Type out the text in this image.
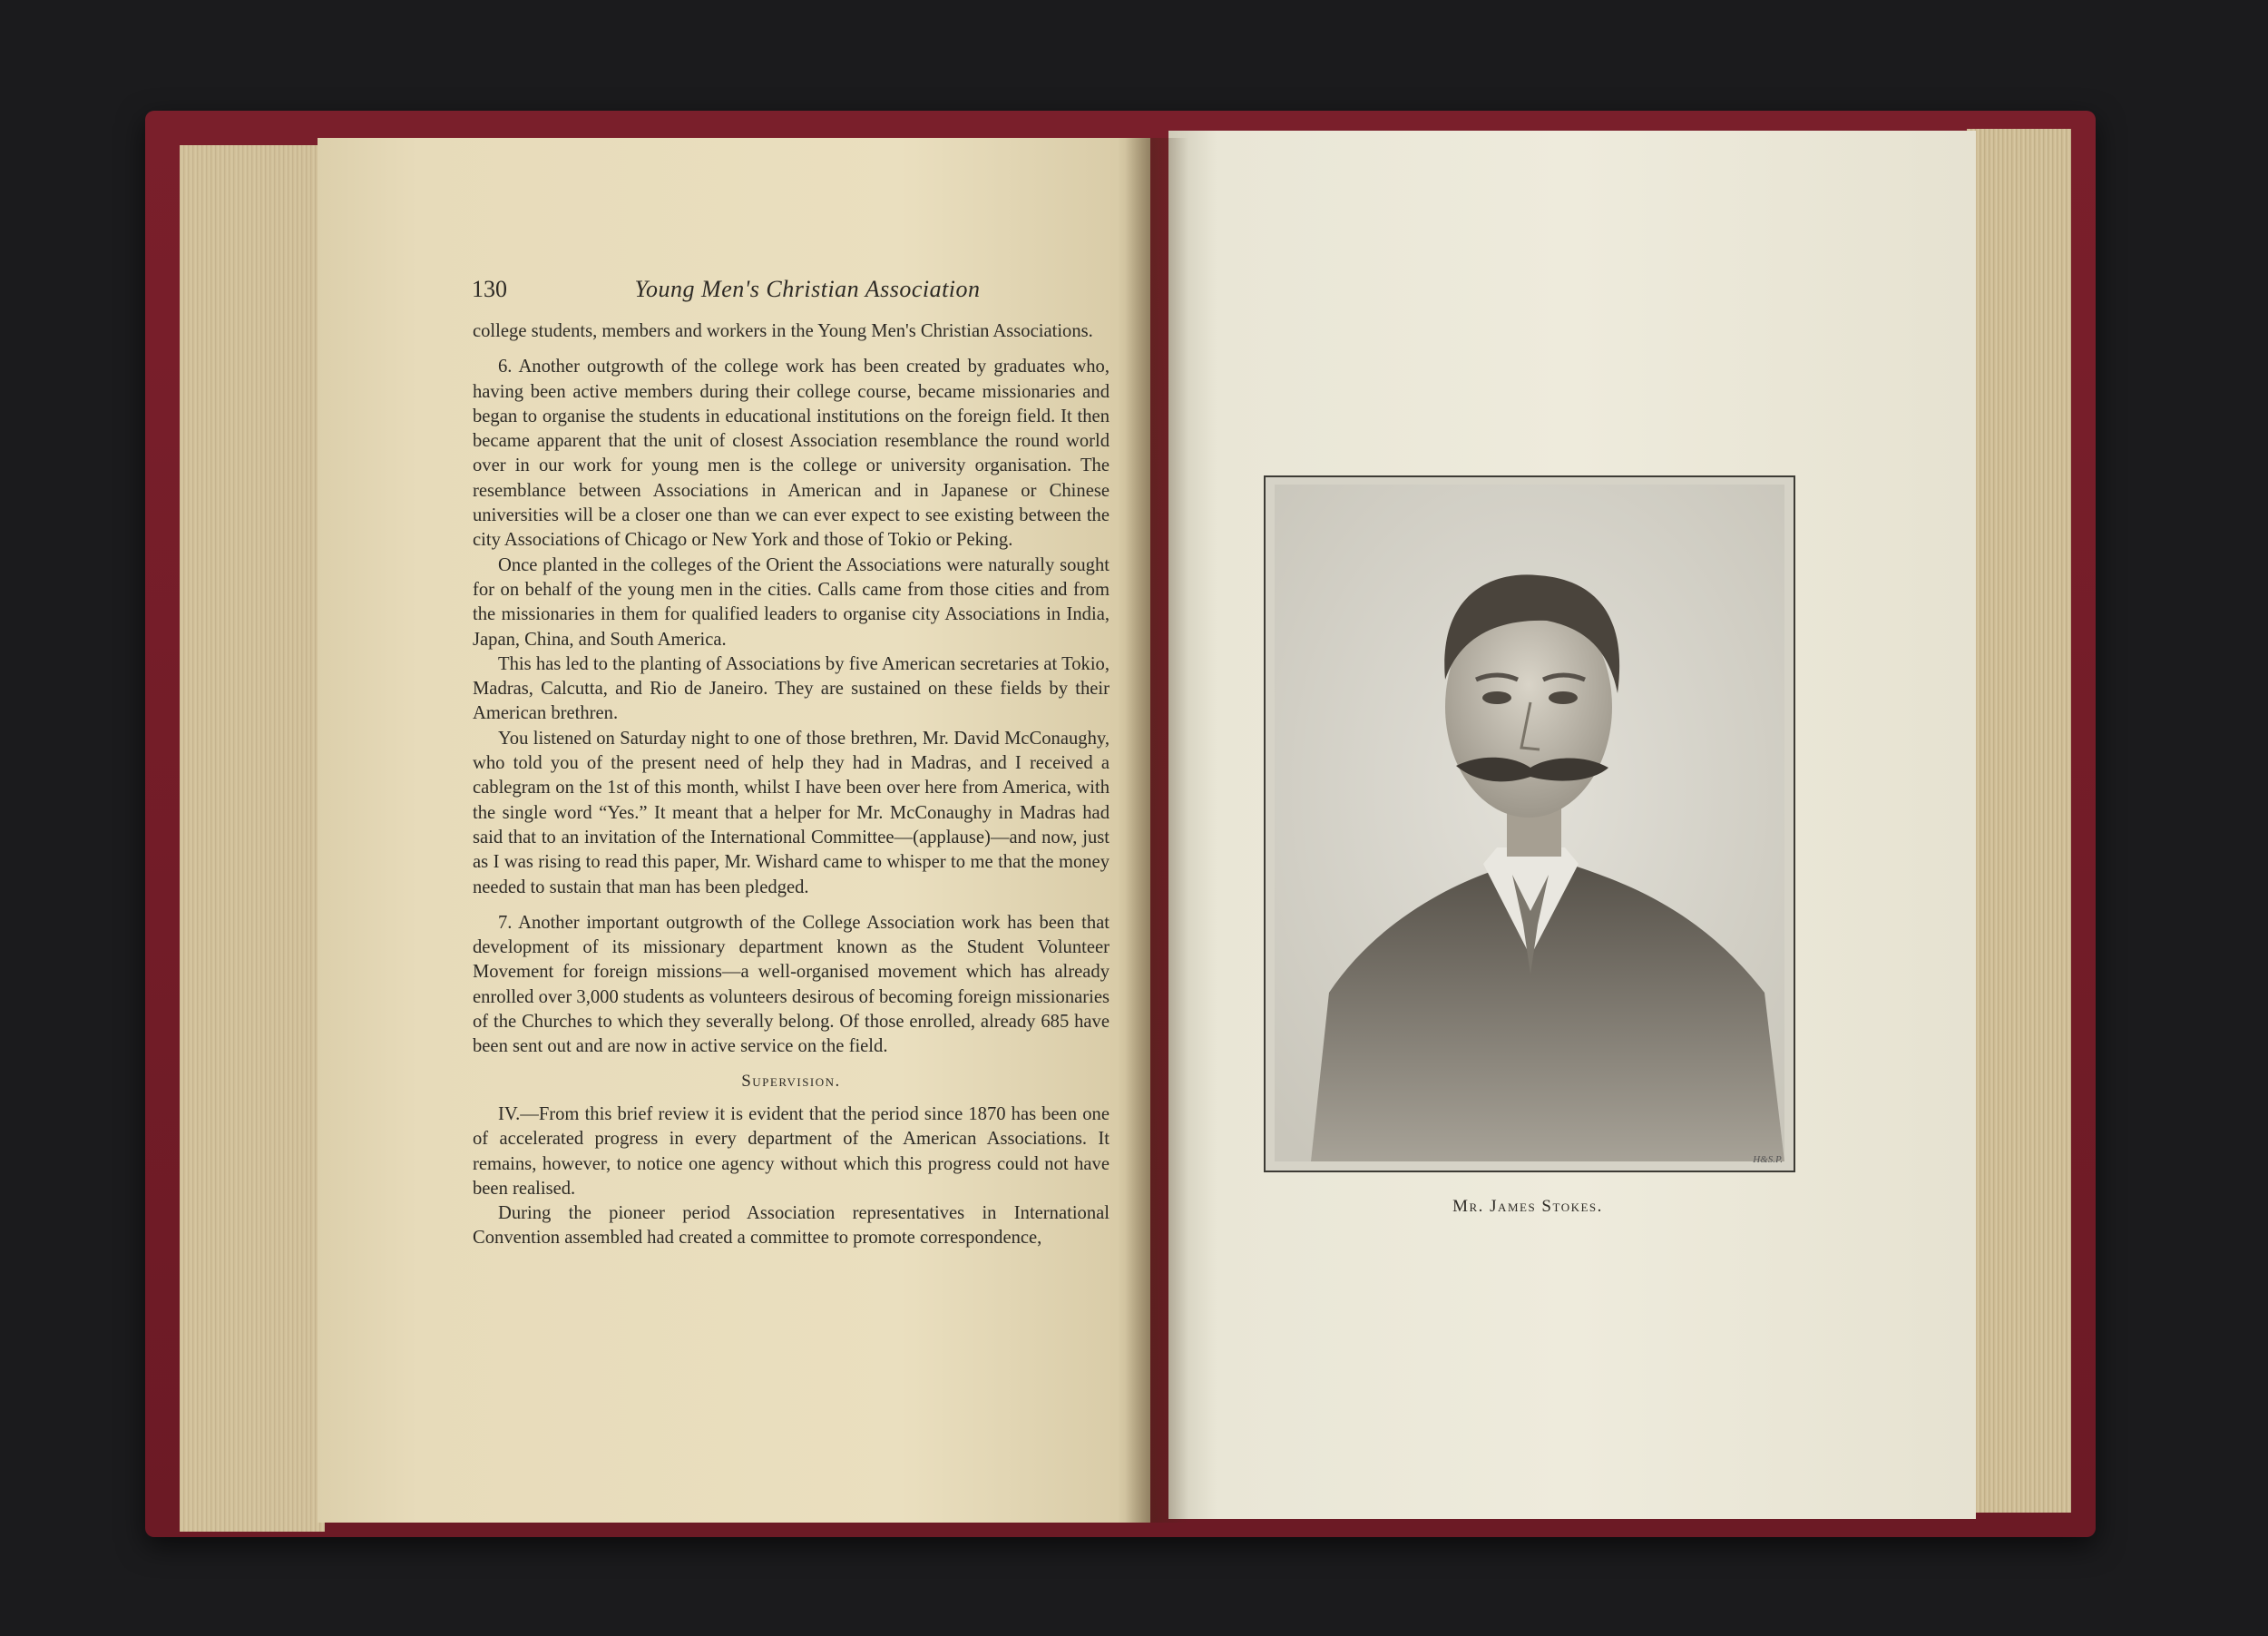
130	Young Men's Christian Association

college students, members and workers in the Young Men's Christian Associations.

6. Another outgrowth of the college work has been created by graduates who, having been active members during their college course, became missionaries and began to organise the students in educational institutions on the foreign field. It then became apparent that the unit of closest Association resemblance the round world over in our work for young men is the college or university organisation. The resemblance between Associations in American and in Japanese or Chinese universities will be a closer one than we can ever expect to see existing between the city Associations of Chicago or New York and those of Tokio or Peking.

Once planted in the colleges of the Orient the Associations were naturally sought for on behalf of the young men in the cities. Calls came from those cities and from the missionaries in them for qualified leaders to organise city Associations in India, Japan, China, and South America.

This has led to the planting of Associations by five American secretaries at Tokio, Madras, Calcutta, and Rio de Janeiro. They are sustained on these fields by their American brethren.

You listened on Saturday night to one of those brethren, Mr. David McConaughy, who told you of the present need of help they had in Madras, and I received a cablegram on the 1st of this month, whilst I have been over here from America, with the single word “Yes.” It meant that a helper for Mr. McConaughy in Madras had said that to an invitation of the International Committee—(applause)—and now, just as I was rising to read this paper, Mr. Wishard came to whisper to me that the money needed to sustain that man has been pledged.

7. Another important outgrowth of the College Association work has been that development of its missionary department known as the Student Volunteer Movement for foreign missions—a well-organised movement which has already enrolled over 3,000 students as volunteers desirous of becoming foreign missionaries of the Churches to which they severally belong. Of those enrolled, already 685 have been sent out and are now in active service on the field.

Supervision.

IV.—From this brief review it is evident that the period since 1870 has been one of accelerated progress in every department of the American Associations. It remains, however, to notice one agency without which this progress could not have been realised.

During the pioneer period Association representatives in International Convention assembled had created a committee to promote correspondence,

H&S.P.
Mr. James Stokes.
